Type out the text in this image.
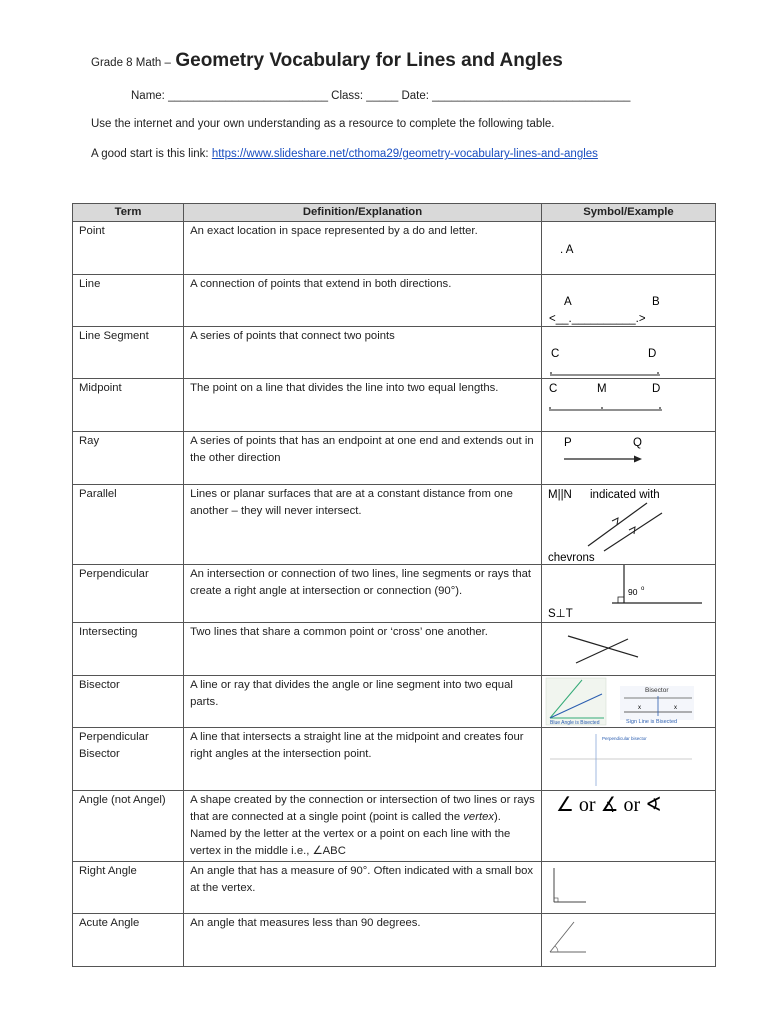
Grade 8 Math – Geometry Vocabulary for Lines and Angles
Name: _________________________ Class: _____ Date: _______________________________
Use the internet and your own understanding as a resource to complete the following table.
A good start is this link: https://www.slideshare.net/cthoma29/geometry-vocabulary-lines-and-angles
Term	Definition/Explanation	Symbol/Example
Point	An exact location in space represented by a do and letter.	. A

Line	A connection of points that extend in both directions.	A B
<__.__________.>

Line Segment	A series of points that connect two points	C D

Midpoint	The point on a line that divides the line into two equal lengths.	C M D

Ray	A series of points that has an endpoint at one end and extends out in the other direction	P Q

Parallel	Lines or planar surfaces that are at a constant distance from one another – they will never intersect.	M||N indicated with
chevrons

Perpendicular	An intersection or connection of two lines, line segments or rays that create a right angle at intersection or connection (90°).	90 o
S⊥T

Intersecting	Two lines that share a common point or ‘cross’ one another.	

Bisector	A line or ray that divides the angle or line segment into two equal parts.	Blue Angle is Bisected
Bisector
x x
Sign Line is Bisected

Perpendicular Bisector	A line that intersects a straight line at the midpoint and creates four right angles at the intersection point.	Perpendicular bisector

Angle (not Angel)	A shape created by the connection or intersection of two lines or rays that are connected at a single point (point is called the vertex). Named by the letter at the vertex or a point on each line with the vertex in the middle i.e., ∠ABC	∠ or ∡ or ∢

Right Angle	An angle that has a measure of 90°. Often indicated with a small box at the vertex.	

Acute Angle	An angle that measures less than 90 degrees.	
